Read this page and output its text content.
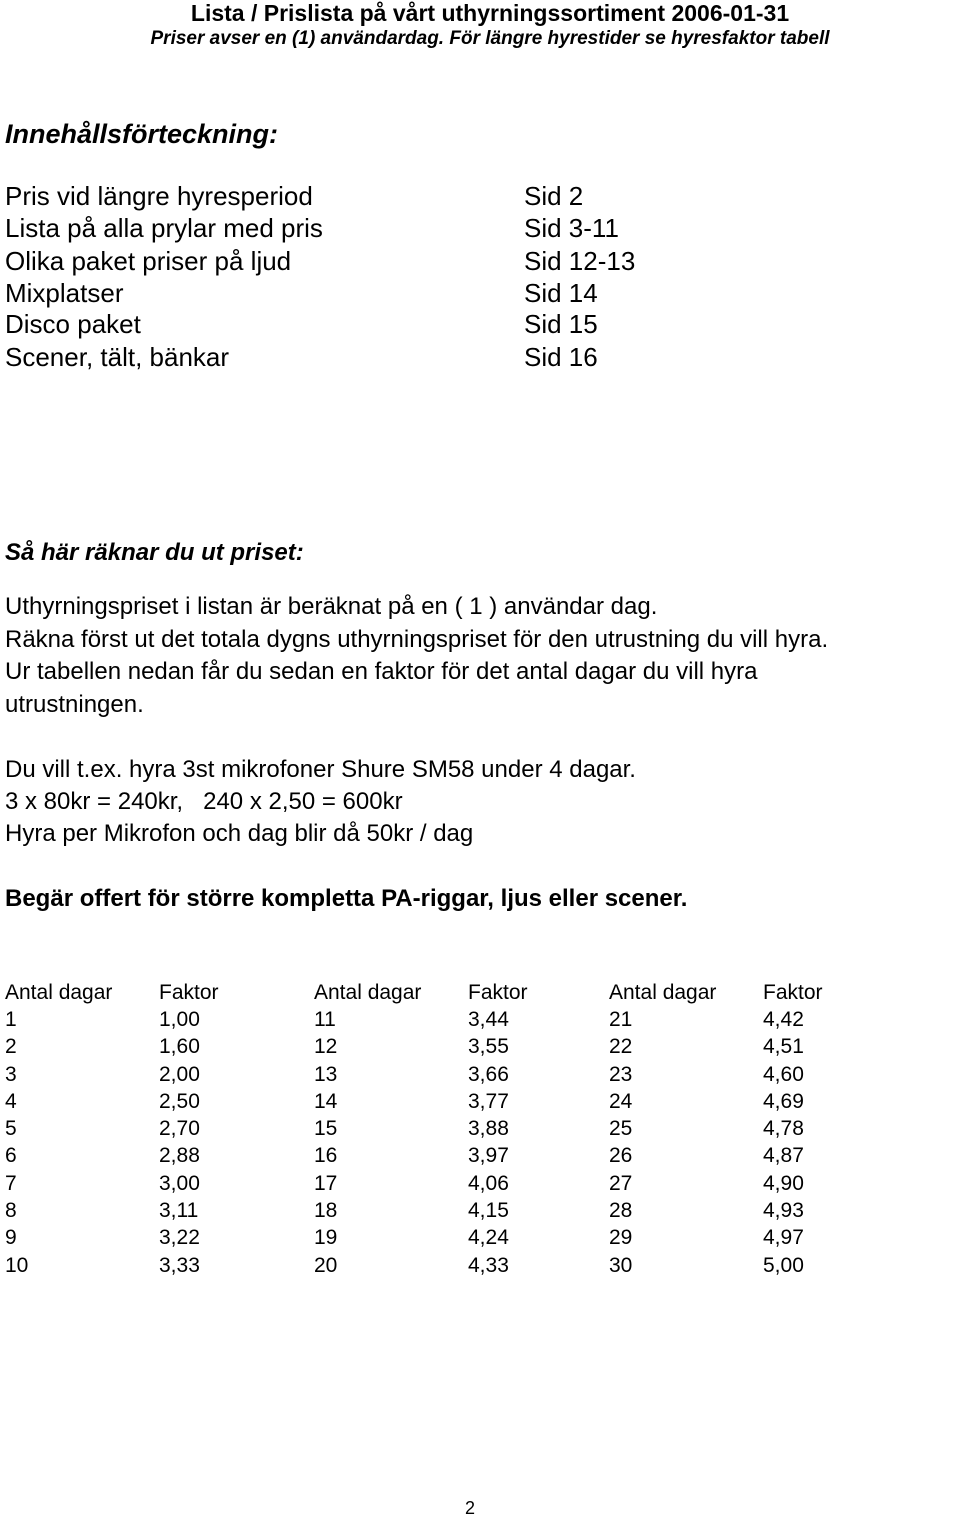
Lista / Prislista på vårt uthyrningssortiment 2006-01-31
Priser avser en (1) användardag. För längre hyrestider se hyresfaktor tabell
Innehållsförteckning:
Pris vid längre hyresperiod	Sid 2
Lista på alla prylar med pris	Sid 3-11
Olika paket priser på ljud	Sid 12-13
Mixplatser	Sid 14
Disco paket	Sid 15
Scener, tält, bänkar	Sid 16
Så här räknar du ut priset:
Uthyrningspriset i listan är beräknat på en ( 1 ) användar dag.
Räkna först ut det totala dygns uthyrningspriset för den utrustning du vill hyra.
Ur tabellen nedan får du sedan en faktor för det antal dagar du vill hyra
utrustningen.
Du vill t.ex. hyra 3st mikrofoner Shure SM58 under 4 dagar.
3 x 80kr = 240kr,   240 x 2,50 = 600kr
Hyra per Mikrofon och dag blir då 50kr / dag
Begär offert för större kompletta PA-riggar, ljus eller scener.
Antal dagar	Faktor	Antal dagar	Faktor	Antal dagar	Faktor
1	1,00	11	3,44	21	4,42
2	1,60	12	3,55	22	4,51
3	2,00	13	3,66	23	4,60
4	2,50	14	3,77	24	4,69
5	2,70	15	3,88	25	4,78
6	2,88	16	3,97	26	4,87
7	3,00	17	4,06	27	4,90
8	3,11	18	4,15	28	4,93
9	3,22	19	4,24	29	4,97
10	3,33	20	4,33	30	5,00
2
